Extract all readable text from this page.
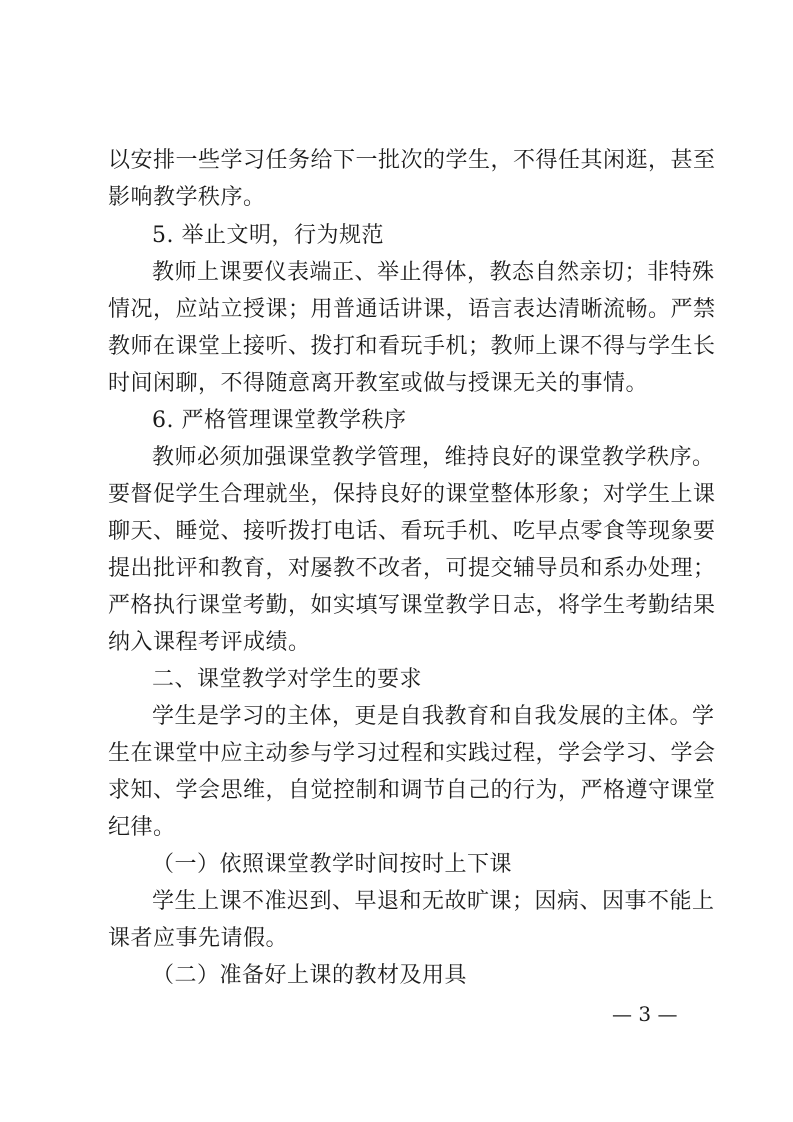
以安排一些学习任务给下一批次的学生，不得任其闲逛，甚至
影响教学秩序。
5. 举止文明，行为规范
教师上课要仪表端正、举止得体，教态自然亲切；非特殊
情况，应站立授课；用普通话讲课，语言表达清晰流畅。严禁
教师在课堂上接听、拨打和看玩手机；教师上课不得与学生长
时间闲聊，不得随意离开教室或做与授课无关的事情。
6. 严格管理课堂教学秩序
教师必须加强课堂教学管理，维持良好的课堂教学秩序。
要督促学生合理就坐，保持良好的课堂整体形象；对学生上课
聊天、睡觉、接听拨打电话、看玩手机、吃早点零食等现象要
提出批评和教育，对屡教不改者，可提交辅导员和系办处理；
严格执行课堂考勤，如实填写课堂教学日志，将学生考勤结果
纳入课程考评成绩。
二、课堂教学对学生的要求
学生是学习的主体，更是自我教育和自我发展的主体。学
生在课堂中应主动参与学习过程和实践过程，学会学习、学会
求知、学会思维，自觉控制和调节自己的行为，严格遵守课堂
纪律。
（一）依照课堂教学时间按时上下课
学生上课不准迟到、早退和无故旷课；因病、因事不能上
课者应事先请假。
（二）准备好上课的教材及用具
— 3 —
